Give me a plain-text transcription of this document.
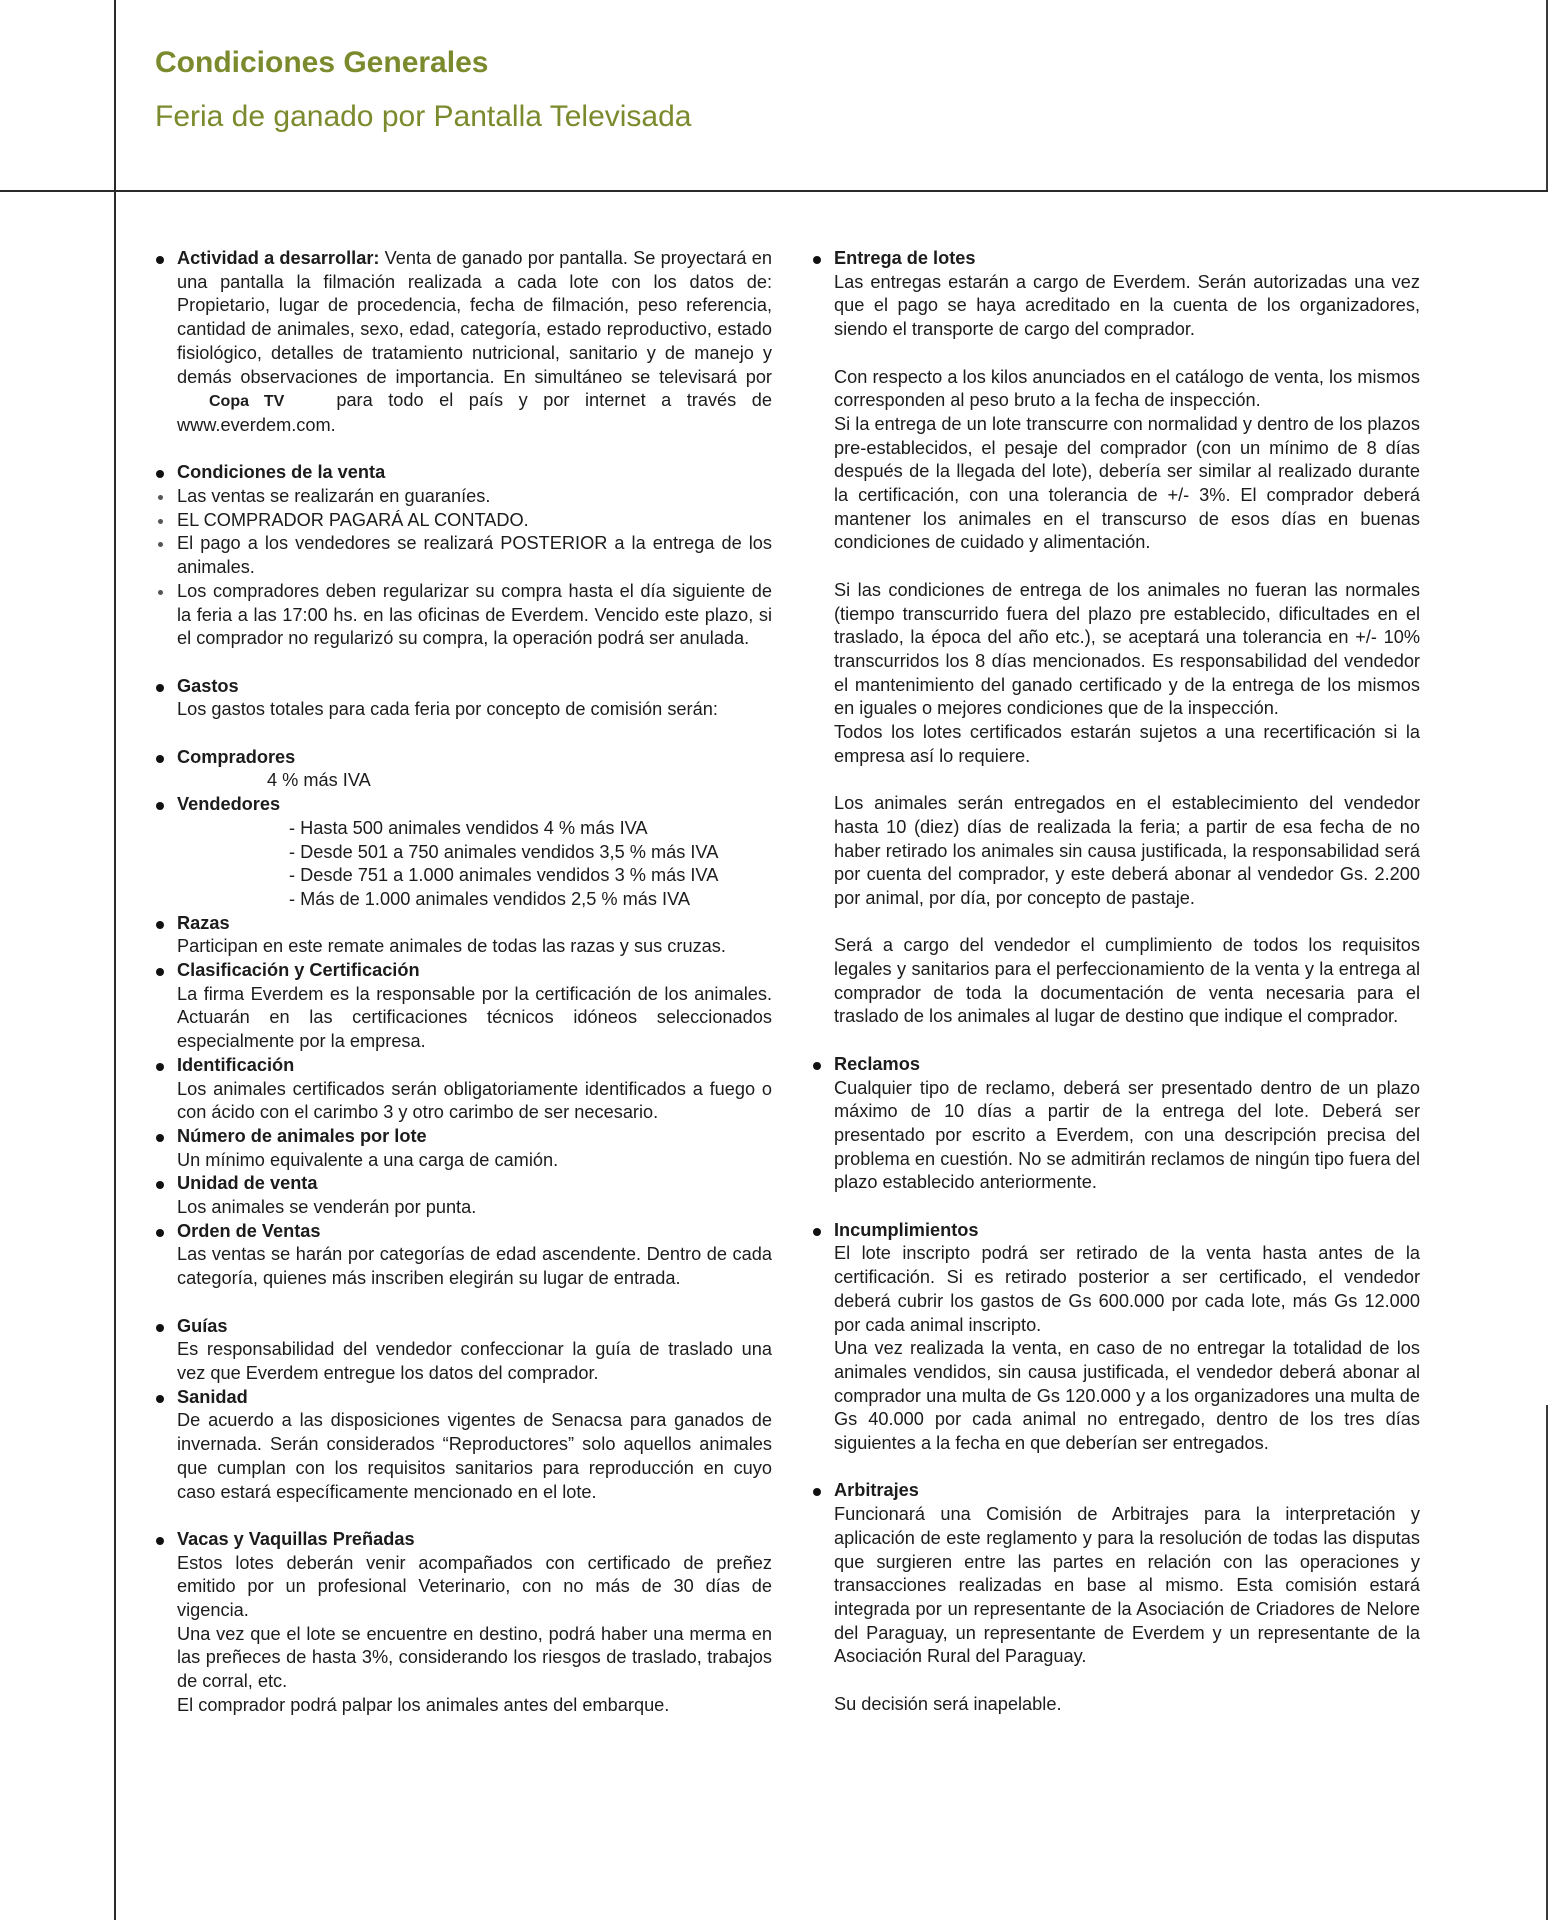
Condiciones Generales
Feria de ganado por Pantalla Televisada

Actividad a desarrollar: Venta de ganado por pantalla. Se proyectará en una pantalla la filmación realizada a cada lote con los datos de: Propietario, lugar de procedencia, fecha de filmación, peso referencia, cantidad de animales, sexo, edad, categoría, estado reproductivo, estado fisiológico, detalles de tratamiento nutricional, sanitario y de manejo y demás observaciones de importancia. En simultáneo se televisará por Copa TV	para todo el país y por internet a través de www.everdem.com.

Condiciones de la venta

Las ventas se realizarán en guaraníes.

EL COMPRADOR PAGARÁ AL CONTADO.

El pago a los vendedores se realizará POSTERIOR a la entrega de los animales.

Los compradores deben regularizar su compra hasta el día siguiente de la feria a las 17:00 hs. en las oficinas de Everdem. Vencido este plazo, si el comprador no regularizó su compra, la operación podrá ser anulada.

Gastos

Los gastos totales para cada feria por concepto de comisión serán:

Compradores

4 % más IVA

Vendedores

- Hasta 500 animales vendidos 4 % más IVA

- Desde 501 a 750 animales vendidos 3,5 % más IVA

- Desde 751 a 1.000 animales vendidos 3 % más IVA

- Más de 1.000 animales vendidos 2,5 % más IVA

Razas

Participan en este remate animales de todas las razas y sus cruzas.

Clasificación y Certificación

La firma Everdem es la responsable por la certificación de los animales. Actuarán en las certificaciones técnicos idóneos seleccionados especialmente por la empresa.

Identificación

Los animales certificados serán obligatoriamente identificados a fuego o con ácido con el carimbo 3 y otro carimbo de ser necesario.

Número de animales por lote

Un mínimo equivalente a una carga de camión.

Unidad de venta

Los animales se venderán por punta.

Orden de Ventas

Las ventas se harán por categorías de edad ascendente. Dentro de cada categoría, quienes más inscriben elegirán su lugar de entrada.

Guías

Es responsabilidad del vendedor confeccionar la guía de traslado una vez que Everdem entregue los datos del comprador.

Sanidad

De acuerdo a las disposiciones vigentes de Senacsa para ganados de invernada. Serán considerados “Reproductores” solo aquellos animales que cumplan con los requisitos sanitarios para reproducción en cuyo caso estará específicamente mencionado en el lote.

Vacas y Vaquillas Preñadas

Estos lotes deberán venir acompañados con certificado de preñez emitido por un profesional Veterinario, con no más de 30 días de vigencia.

Una vez que el lote se encuentre en destino, podrá haber una merma en las preñeces de hasta 3%, considerando los riesgos de traslado, trabajos de corral, etc.

El comprador podrá palpar los animales antes del embarque.

Entrega de lotes

Las entregas estarán a cargo de Everdem. Serán autorizadas una vez que el pago se haya acreditado en la cuenta de los organizadores, siendo el transporte de cargo del comprador.

Con respecto a los kilos anunciados en el catálogo de venta, los mismos corresponden al peso bruto a la fecha de inspección.

Si la entrega de un lote transcurre con normalidad y dentro de los plazos pre-establecidos, el pesaje del comprador (con un mínimo de 8 días después de la llegada del lote), debería ser similar al realizado durante la certificación, con una tolerancia de +/- 3%. El comprador deberá mantener los animales en el transcurso de esos días en buenas condiciones de cuidado y alimentación.

Si las condiciones de entrega de los animales no fueran las normales (tiempo transcurrido fuera del plazo pre establecido, dificultades en el traslado, la época del año etc.), se aceptará una tolerancia en +/- 10% transcurridos los 8 días mencionados. Es responsabilidad del vendedor el mantenimiento del ganado certificado y de la entrega de los mismos en iguales o mejores condiciones que de la inspección.

Todos los lotes certificados estarán sujetos a una recertificación si la empresa así lo requiere.

Los animales serán entregados en el establecimiento del vendedor hasta 10 (diez) días de realizada la feria; a partir de esa fecha de no haber retirado los animales sin causa justificada, la responsabilidad será por cuenta del comprador, y este deberá abonar al vendedor Gs. 2.200 por animal, por día, por concepto de pastaje.

Será a cargo del vendedor el cumplimiento de todos los requisitos legales y sanitarios para el perfeccionamiento de la venta y la entrega al comprador de toda la documentación de venta necesaria para el traslado de los animales al lugar de destino que indique el comprador.

Reclamos

Cualquier tipo de reclamo, deberá ser presentado dentro de un plazo máximo de 10 días a partir de la entrega del lote. Deberá ser presentado por escrito a Everdem, con una descripción precisa del problema en cuestión. No se admitirán reclamos de ningún tipo fuera del plazo establecido anteriormente.

Incumplimientos

El lote inscripto podrá ser retirado de la venta hasta antes de la certificación. Si es retirado posterior a ser certificado, el vendedor deberá cubrir los gastos de Gs 600.000 por cada lote, más Gs 12.000 por cada animal inscripto.

Una vez realizada la venta, en caso de no entregar la totalidad de los animales vendidos, sin causa justificada, el vendedor deberá abonar al comprador una multa de Gs 120.000 y a los organizadores una multa de Gs 40.000 por cada animal no entregado, dentro de los tres días siguientes a la fecha en que deberían ser entregados.

Arbitrajes

Funcionará una Comisión de Arbitrajes para la interpretación y aplicación de este reglamento y para la resolución de todas las disputas que surgieren entre las partes en relación con las operaciones y transacciones realizadas en base al mismo. Esta comisión estará integrada por un representante de la Asociación de Criadores de Nelore del Paraguay, un representante de Everdem y un representante de la Asociación Rural del Paraguay.

Su decisión será inapelable.
